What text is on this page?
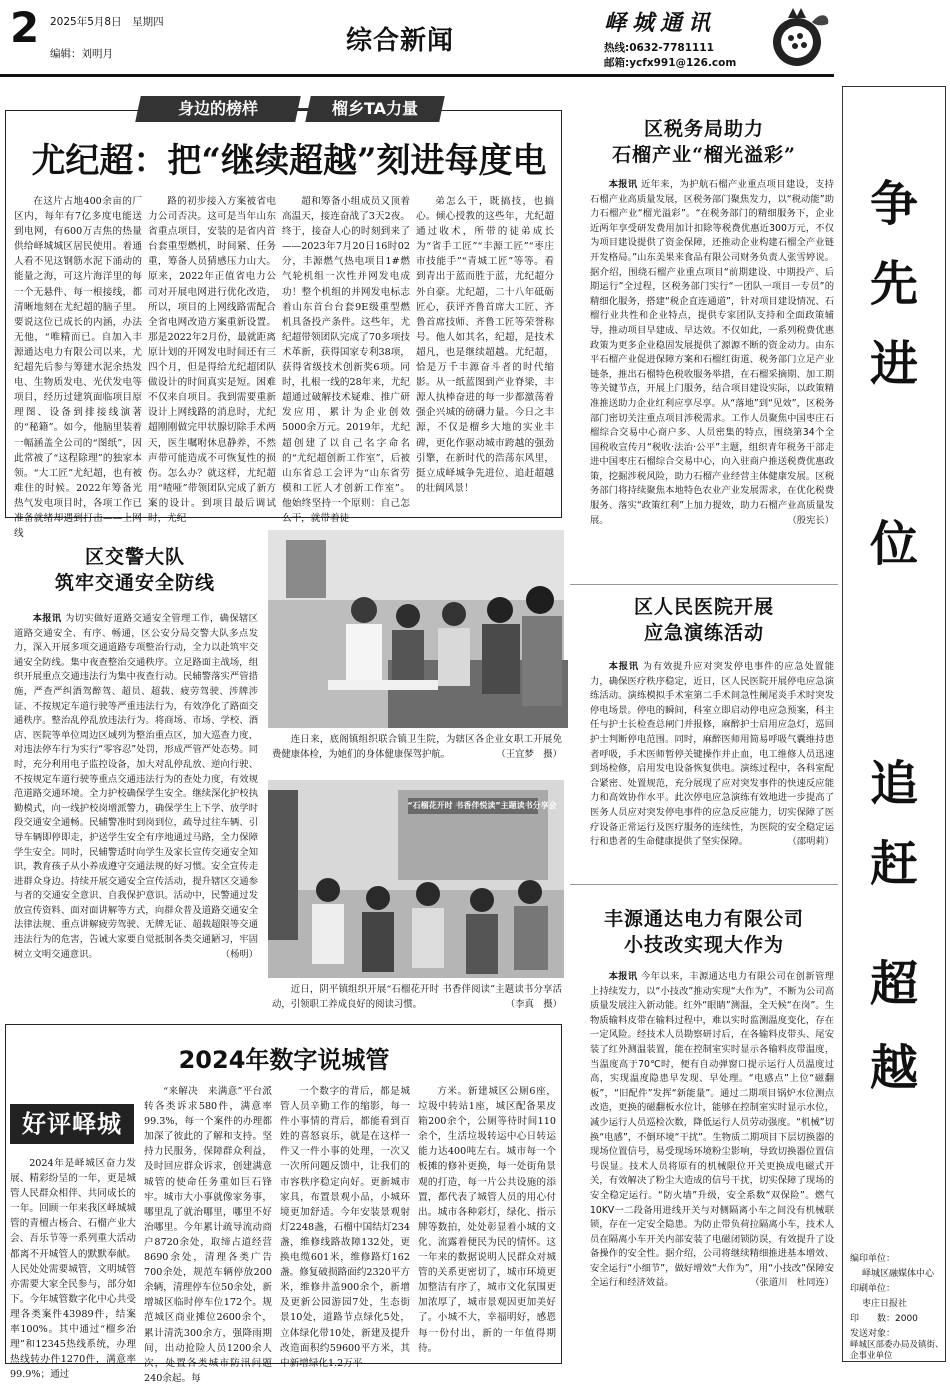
2 2025年5月8日　星期四
编辑：刘明月	综合新闻
峄城通讯
热线:0632-7781111
邮箱:ycfx991@126.com
身边的榜样	榴乡TA力量
尤纪超：把“继续超越”刻进每度电
在这片占地400余亩的厂区内，每年有7亿多度电能送到电网，有600万吉焦的热量供给峄城城区居民使用。着通人看不见这钢筋水泥下涌动的能量之海，可这片海洋里的每一个无悬件、每一根接线，都清晰地刻在尤纪超的脑子里。要说这位已成长的内涵，办法无他，“唯精而已。自加入丰源通达电力有限公司以来，尤纪超先后参与筹建水泥余热发电、生物质发电、光伏发电等项目，经历过建筑面临项目原理图、设备到排接线演著的“秘籍”。如今，他脑里装着一幅涵盖全公司的“图纸”，因此常被了“这程除理”的独家本领。“大工匠”尤纪超，也有被难住的时候。2022年筹备光热气发电项目时，各项工作已准备就绪却遇到打击——上网线
路的初步接入方案被省电力公司否决。这可是当年山东省重点项目，安装的是省内首台套重型燃机，时间紧、任务重，筹备人员猜感压力山大。原来，2022年正值省电力公司对开展电网进行优化改造，所以，项目的上网线路需配合全省电网改造方案重新设置。那是2022年2月份，最就距离原计划的开网发电时间还有三四个月，但是得给尤纪超团队做设计的时间真实是短。困难不仅来自项目。我到需要重新设计上网线路的消息时，尤纪超刚刚做完甲状腺切除手术两天，医生嘱咐休息静养，不然声带可能造成不可恢复性的损伤。怎么办？就这样，尤纪超用“喳哑”带领团队完成了新方案的设计。到项目最后调试时，尤纪
超和筹备小组成员又顶着高温天，接连奋战了3天2夜。终于，接奋人心的时刻到来了——2023年7月20日16时02分，丰源燃气热电项目1#燃气轮机组一次性并网发电成功！整个机组的并网发电标志着山东首台台套9E级重型燃机具备投产条件。这些年，尤纪超带领团队完成了70多项技术革新，获得国家专利38项，获得省级技术创新奖6项。同时，扎根一线的28年来，尤纪超通过破解技术疑难、推广研发应用，累计为企业创效5000余万元。2019年，尤纪超创建了以自己名字命名的“尤纪超创新工作室”，后被山东省总工会评为“山东省劳模和工匠人才创新工作室”。他始终坚持一个原则：自己怎么干，就带着徒
弟怎么干，既搞技，也搞心。倾心授教的这些年，尤纪超通过收术，所带的徒弟成长为“省手工匠”“丰源工匠”“枣庄市技能手”“青城工匠”等等。看到青出于蓝而胜于蓝，尤纪超分外自豪。尤纪超，二十八年砥砺匠心，获评齐鲁首席大工匠、齐鲁首席技师、齐鲁工匠等荣誉称号。他人如其名，纪超，是技术超凡，也是继续超越。尤纪超，恰是万千丰源奋斗者的时代缩影。从一纸蓝图到产业脊梁，丰源人执棒奋进的每一步都激荡着强企兴城的磅礴力量。今日之丰源，不仅是榴乡大地的实业丰碑，更化作驱动城市跨越的强劲引擎，在新时代的浩荡东风里，挺立成峄城争先进位、追赶超越的壮阔风景！
区税务局助力
石榴产业“榴光溢彩”
本报讯 近年来，为护航石榴产业重点项目建设，支持石榴产业高质量发展，区税务部门聚焦发力，以“税动能”助力石榴产业“榴光溢彩”。“在税务部门的精细服务下，企业近两年享受研发费用加计扣除等税费优惠近300万元，不仅为项目建设提供了资金保障，还推动企业构建石榴全产业链开发格局。”山东美果来食品有限公司财务负责人张雪婷说。据介绍，围绕石榴产业重点项目“前期建设、中期投产、后期运行”全过程，区税务部门实行“一团队一项目一专员”的精细化服务，搭建“税企直连通道”，针对项目建设情况、石榴行业共性和企业特点，提供专家团队支持和全面政策辅导，推动项目早建成、早达效。不仅如此，一系列税费优惠政策为更多企业稳固发展提供了源源不断的资金动力。由东平石榴产业促进保障方案和石榴红街道、税务部门立足产业链条，推出石榴特色税收服务举措，在石榴采摘期、加工期等关键节点，开展上门服务，结合项目建设实际，以政策精准推送助力企业红利应享尽享。从“落地”到“见效”，区税务部门密切关注重点项目涉税需求。工作人员聚焦中国枣庄石榴综合交易中心商户多、人员密集的特点，围绕第34个全国税收宣传月“税收·法治·公平”主题，组织青年税务干部走进中国枣庄石榴综合交易中心，向入驻商户推送税费优惠政策，挖掘涉税风险，助力石榴产业经营主体健康发展。区税务部门将持续聚焦本地特色农业产业发展需求，在优化税费服务、落实“政策红利”上加力提效，助力石榴产业高质量发展。	（殷宪长）
区人民医院开展
应急演练活动
本报讯 为有效提升应对突发停电事件的应急处置能力，确保医疗秩序稳定，近日，区人民医院开展停电应急演练活动。演练模拟手术室第二手术间急性阑尾炎手术时突发停电场景。停电的瞬间，科室立即启动停电应急预案，科主任与护士长检查总闸门并报修，麻醉护士启用应急灯，巡回护士判断停电范围。同时，麻醉医师用简易呼吸气囊维持患者呼吸，手术医师暂停关键操作并止血，电工维修人员迅速到场检修，启用发电设备恢复供电。演练过程中，各科室配合紧密、处置规范，充分展现了应对突发事件的快速反应能力和高效协作水平。此次停电应急演练有效地进一步提高了医务人员应对突发停电事件的应急反应能力，切实保障了医疗设备正常运行及医疗服务的连续性，为医院的安全稳定运行和患者的生命健康提供了坚实保障。	（邵明莉）
丰源通达电力有限公司
小技改实现大作为
本报讯 今年以来，丰源通达电力有限公司在创新管理上持续发力，以“小技改”推动实现“大作为”，不断为公司高质量发展注入新动能。红外“眼睛”测温，全天候“在岗”。生物质输料皮带在输料过程中，难以实时监测温度变化，存在一定风险。经技术人员勘察研讨后，在各输料皮带头、尾安装了红外测温装置，能在控制室实时显示各输料皮带温度，当温度高于70℃时，便有自动弹窗口提示运行人员温度过高，实现温度隐患早发现、早处理。“电感点”上位“磁翻板”，“旧配件”发挥“新能量”。通过二期项目锅炉水位测点改造，更换的磁翻板水位计，能够在控制室实时显示水位，减少运行人员巡检次数，降低运行人员劳动强度。“机械”切换“电感”，不倒环境“干扰”。生物质二期项目下层切换器的现场位置信号，易受现场环境粉尘影响，导致切换器位置信号误显。技术人员将原有的机械限位开关更换成电磁式开关，有效解决了粉尘大造成的信号干扰，切实保障了现场的安全稳定运行。“防火墙”升级，安全系数“双保险”。燃气10KV一二段备用进线开关与对侧隔离小车之间没有机械联锁，存在一定安全隐患。为防止带负荷拉隔离小车，技术人员在隔离小车开关内部安装了电磁闭锁防误，有效提升了设备操作的安全性。据介绍，公司将继续精细推进基本增效、安全运行“小细节”，做好增效“大作为”，用“小技改”保障安全运行和经济效益。	（张道川　杜同连）
区交警大队
筑牢交通安全防线
本报讯 为切实做好道路交通安全管理工作，确保辖区道路交通安全、有序、畅通，区公安分局交警大队多点发力，深入开展多项交通道路专项整治行动，全力以赴筑牢交通安全防线。集中夜查整治交通秩序。立足路面主战场，组织开展重点交通违法行为集中夜查行动。民辅警落实严管措施，严查严纠酒驾醉驾、超员、超载、疲劳驾驶、涉牌涉证、不按规定车道行驶等严重违法行为，有效净化了路面交通秩序。整治乱停乱放违法行为。将商场、市场、学校、酒店、医院等单位周边区域列为整治重点区，加大巡查力度，对违法停车行为实行“零容忍”处罚，形成严管严处态势。同时，充分利用电子监控设备，加大对乱停乱放、逆向行驶、不按规定车道行驶等重点交通违法行为的查处力度，有效规范道路交通环境。全力护校确保学生安全。继续深化护校执勤模式，向一线护校岗增派警力，确保学生上下学、放学时段交通安全通畅。民辅警准时到岗到位，疏导过往车辆、引导车辆即停即走，护送学生安全有序地通过马路，全力保障学生安全。同时，民辅警适时向学生及家长宣传交通安全知识，教育孩子从小养成遵守交通法规的好习惯。安全宣传走进群众身边。持续开展交通安全宣传活动，提升辖区交通参与者的交通安全意识、自我保护意识。活动中，民警通过发放宣传资料、面对面讲解等方式，向群众普及道路交通安全法律法规、重点讲解疲劳驾驶、无牌无证、超载超限等交通违法行为的危害，告诫大家要自觉抵制各类交通陋习，牢固树立文明交通意识。	（杨明）
连日来，底阁镇组织联合镇卫生院，为辖区各企业女职工开展免费健康体检，为她们的身体健康保驾护航。	（王宜梦　摄）
“石榴花开时 书香伴悦读”主题读书分享会
近日，阴平镇组织开展“石榴花开时 书香伴阅读”主题读书分享活动，引领职工养成良好的阅读习惯。	（李真　摄）
2024年数字说城管
好评峄城
2024年是峄城区奋力发展、精彩纷呈的一年，更是城管人民群众相伴、共同成长的一年。回顾一年来我区峄城城管的青檀古杨合、石榴产业大会、吾乐节等一系列重大活动都离不开城管人的默默奉献。人民处处需要城管，文明城管亦需要大家全民参与，部分如下。今年城管数字化中心共受理各类案件43989件，结案率100%。其中通过“榴乡治理”和12345热线系统，办理热线转办件1270件，满意率99.9%；通过
“来解决　来满意”平台派转各类诉求580件，满意率99.3%，每一个案件的办理都加深了彼此的了解和支持。坚持力民服务，保障群众利益，及时回应群众诉求，创建满意城管的使命任务重如巨石锋牢。城市大小事就像家务事，哪里乱了就治哪里，哪里不好治哪里。今年累计疏导流动商户8720余处，取缔占道经营8690余处，清理各类广告700余处，规范车辆停放200余辆，清理停车位50余处，新增城区临时停车位172个。规范城区商业摊位2600余个，累计清洗300余方，强降雨期间，出动抢险人员1200余人次，处置各类城市防汛问题240余起。每
一个数字的背后，都是城管人员辛勤工作的缩影，每一件小事情的背后，都能看到百姓的喜怒哀乐，就是在这样一件又一件小事的处理，一次又一次所问题反馈中，让我们的市容秩序稳定向好。更新城市家具，布置景观小品，小城环境更加舒适。今年安装景观射灯2248盏，石榴中国结灯234盏，维修线路故障132处，更换电缆601米，维修路灯162盏。修复破损路面约2320平方米，维修井盖900余个，新增及更新公园游园7处，生态街景10处，道路节点绿化5处，立体绿化带10处，新建及提升改造面积约59600平方米，其中新增绿化1.2万平
方米。新建城区公厕6座，垃圾中转站1座，城区配备果皮箱200余个，公厕等待时间110余个，生活垃圾转运中心日转运能力达400吨左右。城市每一个板摊的修补更换，每一处街角景观的打造，每一片公共设施的添置，都代表了城管人员的用心付出。城市各种彩灯，绿化、指示牌等数拍，处处彰显着小城的文化、流露着便民为民的情怀。这一年来的数据说明人民群众对城管的关系更密切了，城市环境更加整洁有序了，城市文化氛围更加浓厚了，城市景观因更加美好了。小城不大，幸福明好，感恩每一份付出，新的一年值得期待。
争
先
进
位
追
赶
超
越
编印单位：
峄城区融媒体中心
印刷单位：
枣庄日报社
印　　数：2000
发送对象：
峄城区部委办局及镇街、企事业单位
